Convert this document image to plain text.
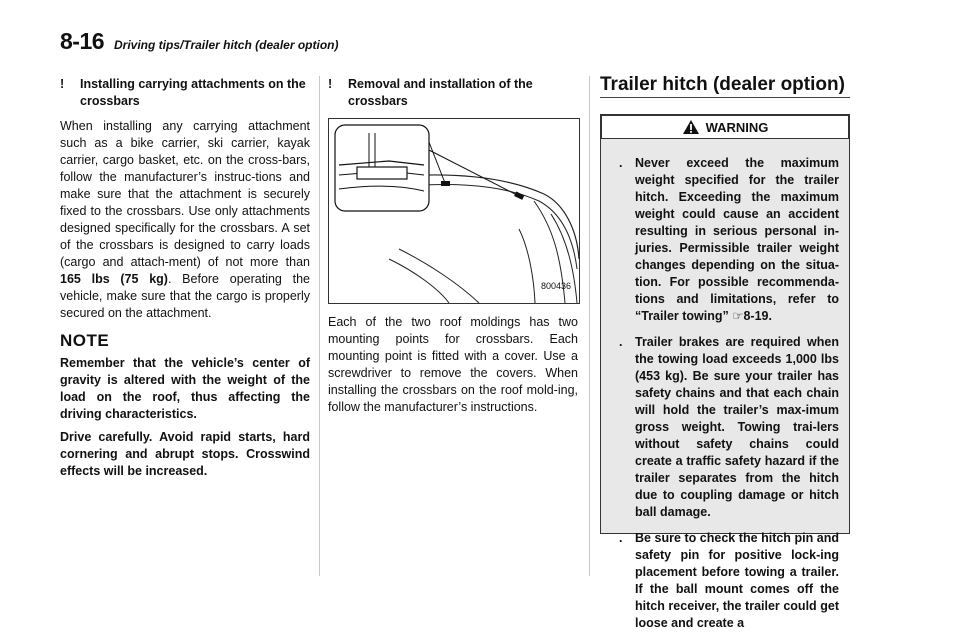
8-16 Driving tips/Trailer hitch (dealer option)
! Installing carrying attachments on the crossbars

When installing any carrying attachment such as a bike carrier, ski carrier, kayak carrier, cargo basket, etc. on the cross-bars, follow the manufacturer’s instruc-tions and make sure that the attachment is securely fixed to the crossbars. Use only attachments designed specifically for the crossbars. A set of the crossbars is designed to carry loads (cargo and attach-ment) of not more than 165 lbs (75 kg). Before operating the vehicle, make sure that the cargo is properly secured on the attachment.

NOTE

Remember that the vehicle’s center of gravity is altered with the weight of the load on the roof, thus affecting the driving characteristics.

Drive carefully. Avoid rapid starts, hard cornering and abrupt stops. Crosswind effects will be increased.

! Removal and installation of the crossbars
800436

Each of the two roof moldings has two mounting points for crossbars. Each mounting point is fitted with a cover. Use a screwdriver to remove the covers. When installing the crossbars on the roof mold-ing, follow the manufacturer’s instructions.

Trailer hitch (dealer option)
WARNING
. Never exceed the maximum weight specified for the trailer hitch. Exceeding the maximum weight could cause an accident resulting in serious personal in-juries. Permissible trailer weight changes depending on the situa-tion. For possible recommenda-tions and limitations, refer to “Trailer towing” ☞8-19.
. Trailer brakes are required when the towing load exceeds 1,000 lbs (453 kg). Be sure your trailer has safety chains and that each chain will hold the trailer’s max-imum gross weight. Towing trai-lers without safety chains could create a traffic safety hazard if the trailer separates from the hitch due to coupling damage or hitch ball damage.
. Be sure to check the hitch pin and safety pin for positive lock-ing placement before towing a trailer. If the ball mount comes off the hitch receiver, the trailer could get loose and create a
